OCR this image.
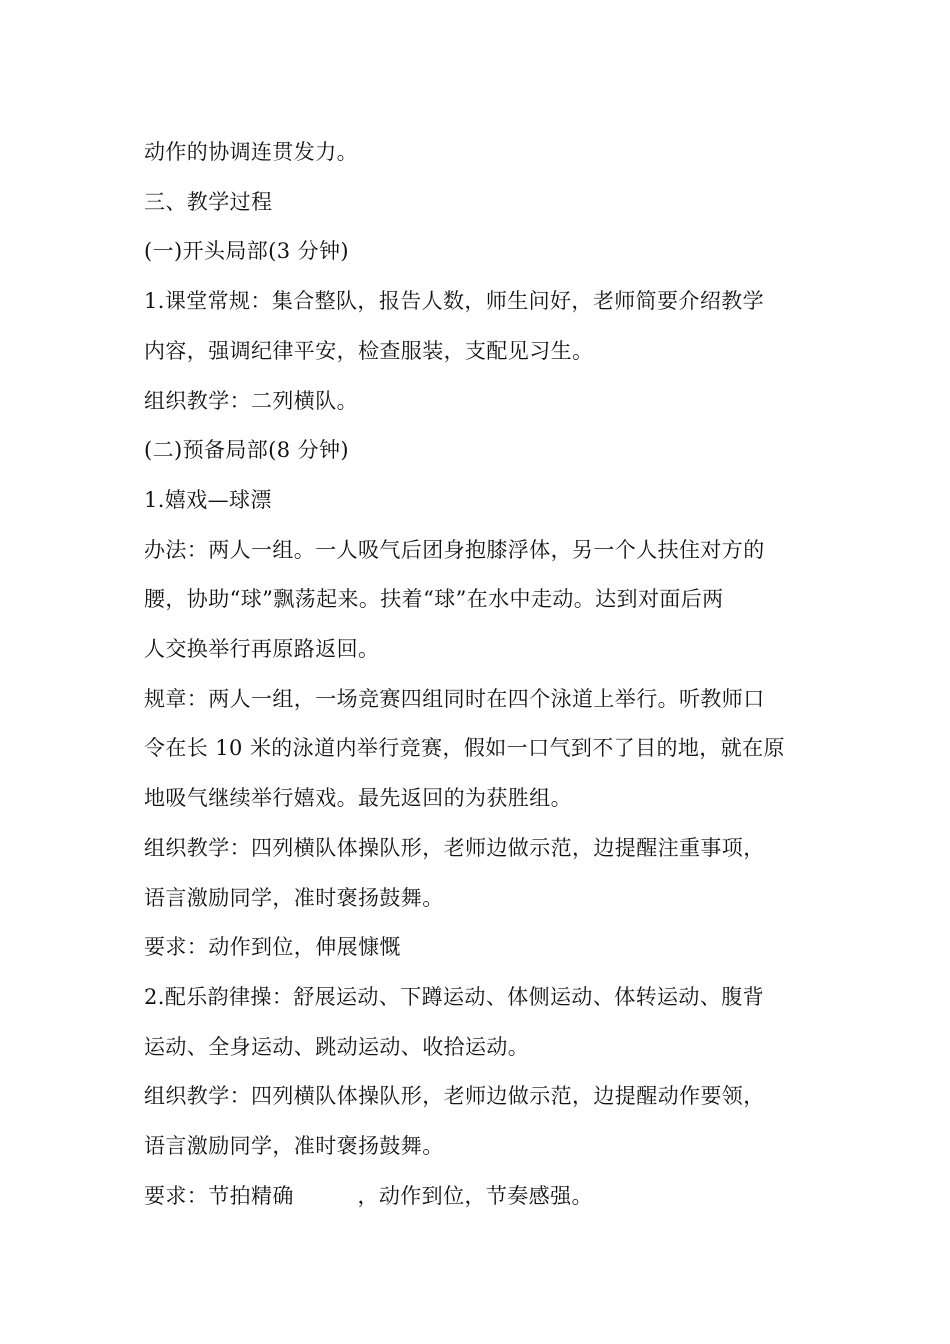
动作的协调连贯发力。

三、教学过程

(一)开头局部(3 分钟)

1.课堂常规：集合整队，报告人数，师生问好，老师简要介绍教学

内容，强调纪律平安，检查服装，支配见习生。

组织教学：二列横队。

(二)预备局部(8 分钟)

1.嬉戏—球漂

办法：两人一组。一人吸气后团身抱膝浮体，另一个人扶住对方的

腰，协助“球”飘荡起来。扶着“球”在水中走动。达到对面后两

人交换举行再原路返回。

规章：两人一组，一场竞赛四组同时在四个泳道上举行。听教师口

令在长 10 米的泳道内举行竞赛，假如一口气到不了目的地，就在原

地吸气继续举行嬉戏。最先返回的为获胜组。

组织教学：四列横队体操队形，老师边做示范，边提醒注重事项，

语言激励同学，准时褒扬鼓舞。

要求：动作到位，伸展慷慨

2.配乐韵律操：舒展运动、下蹲运动、体侧运动、体转运动、腹背

运动、全身运动、跳动运动、收拾运动。

组织教学：四列横队体操队形，老师边做示范，边提醒动作要领，

语言激励同学，准时褒扬鼓舞。

要求：节拍精确         ，动作到位，节奏感强。
